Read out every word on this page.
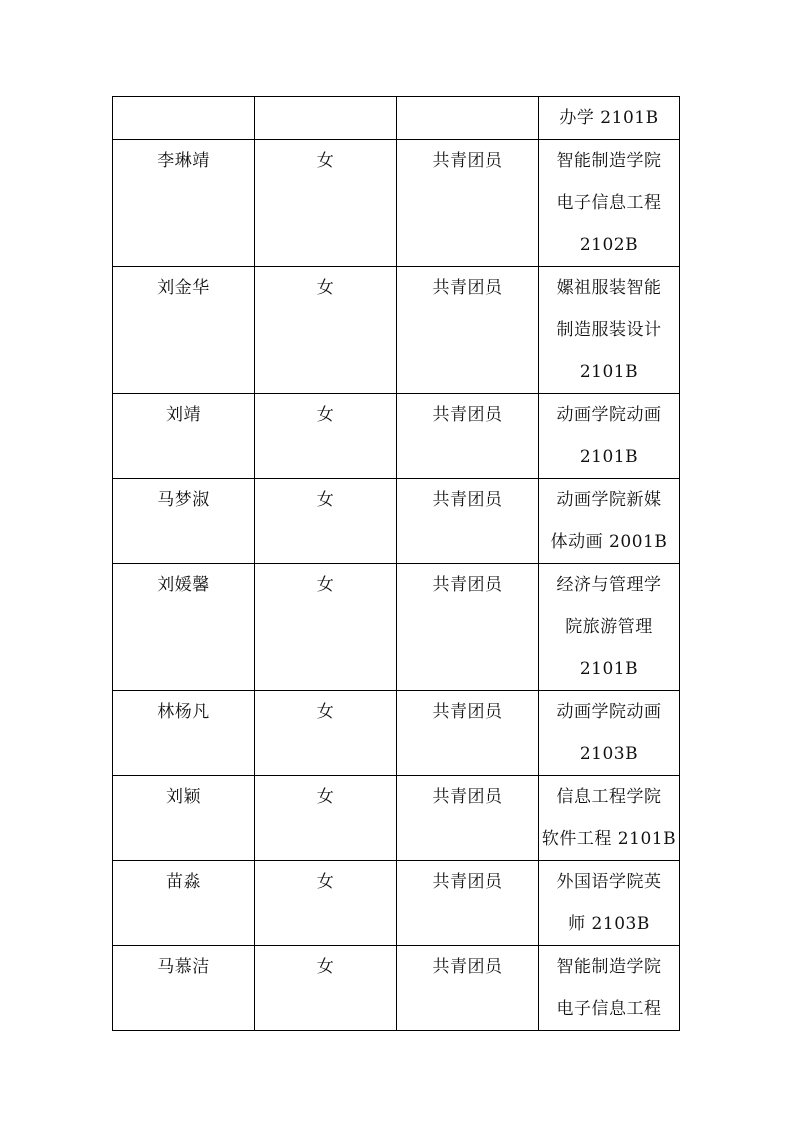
			办学 2101B

李琳靖	女	共青团员	智能制造学院
电子信息工程
2102B

刘金华	女	共青团员	嫘祖服装智能
制造服装设计
2101B

刘靖	女	共青团员	动画学院动画
2101B

马梦淑	女	共青团员	动画学院新媒
体动画 2001B

刘媛馨	女	共青团员	经济与管理学
院旅游管理
2101B

林杨凡	女	共青团员	动画学院动画
2103B

刘颖	女	共青团员	信息工程学院
软件工程 2101B

苗淼	女	共青团员	外国语学院英
师 2103B

马慕洁	女	共青团员	智能制造学院
电子信息工程
